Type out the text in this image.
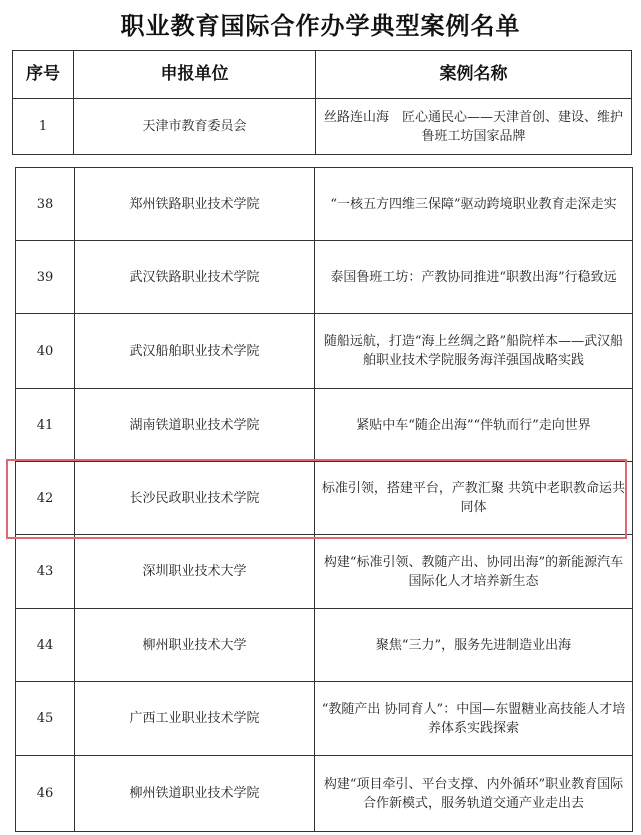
职业教育国际合作办学典型案例名单
序号	申报单位	案例名称
1	天津市教育委员会	丝路连山海　匠心通民心——天津首创、建设、维护鲁班工坊国家品牌
38	郑州铁路职业技术学院	“一核五方四维三保障”驱动跨境职业教育走深走实
39	武汉铁路职业技术学院	泰国鲁班工坊：产教协同推进“职教出海”行稳致远
40	武汉船舶职业技术学院	随船远航，打造“海上丝绸之路”船院样本——武汉船舶职业技术学院服务海洋强国战略实践
41	湖南铁道职业技术学院	紧贴中车“随企出海”“伴轨而行”走向世界
42	长沙民政职业技术学院	标准引领，搭建平台，产教汇聚 共筑中老职教命运共同体
43	深圳职业技术大学	构建“标准引领、教随产出、协同出海”的新能源汽车国际化人才培养新生态
44	柳州职业技术大学	聚焦“三力”，服务先进制造业出海
45	广西工业职业技术学院	“教随产出 协同育人”：中国—东盟糖业高技能人才培养体系实践探索
46	柳州铁道职业技术学院	构建“项目牵引、平台支撑、内外循环”职业教育国际合作新模式，服务轨道交通产业走出去
